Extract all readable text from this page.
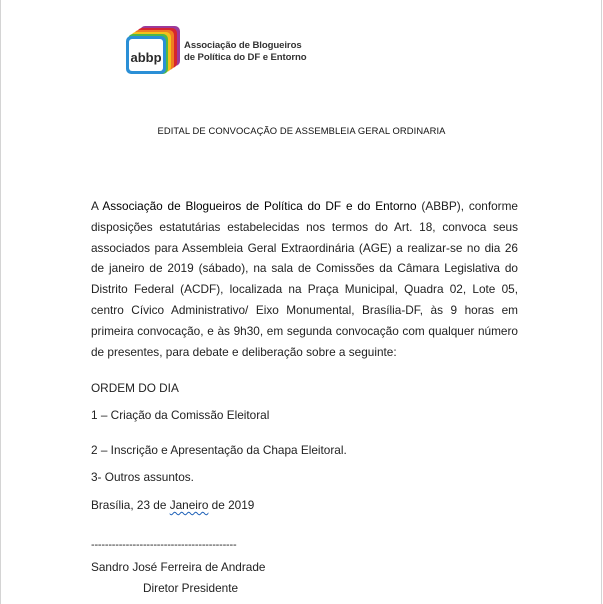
abbp
Associação de Blogueiros
de Política do DF e Entorno
EDITAL DE CONVOCAÇÃO DE ASSEMBLEIA GERAL ORDINARIA
A Associação de Blogueiros de Política do DF e do Entorno (ABBP), conforme disposições estatutárias estabelecidas nos termos do Art. 18, convoca seus associados para Assembleia Geral Extraordinária (AGE) a realizar-se no dia 26 de janeiro de 2019 (sábado), na sala de Comissões da Câmara Legislativa do Distrito Federal (ACDF), localizada na Praça Municipal, Quadra 02, Lote 05, centro Cívico Administrativo/ Eixo Monumental, Brasília-DF, às 9 horas em primeira convocação, e às 9h30, em segunda convocação com qualquer número de presentes, para debate e deliberação sobre a seguinte:
ORDEM DO DIA
1 – Criação da Comissão Eleitoral
2 – Inscrição e Apresentação da Chapa Eleitoral.
3- Outros assuntos.
Brasília, 23 de Janeiro de 2019
------------------------------------------
Sandro José Ferreira de Andrade
Diretor Presidente
